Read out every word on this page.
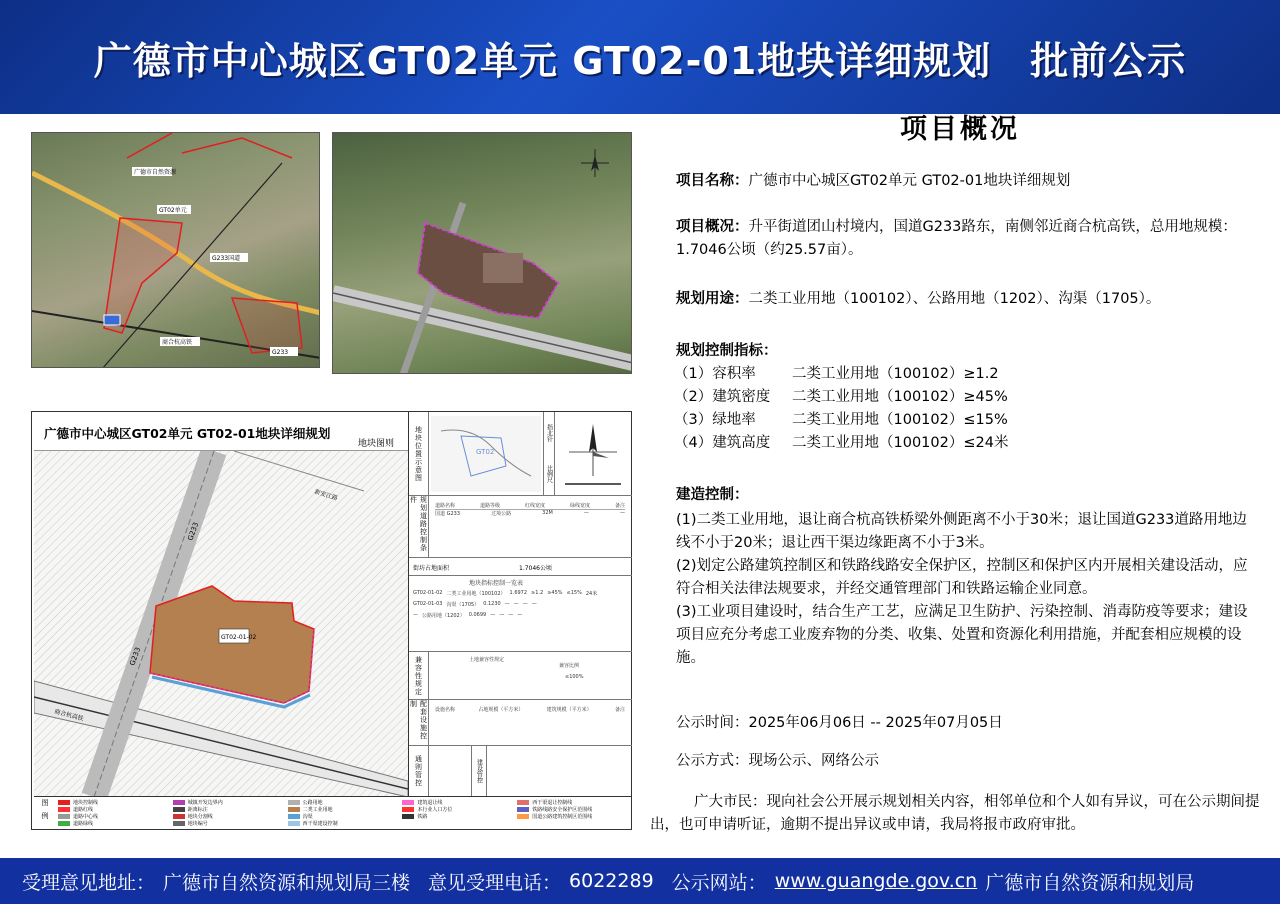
广德市中心城区GT02单元 GT02-01地块详细规划　批前公示
广德市自然资源
GT02单元
G233国道
商合杭高铁
G233
广德市中心城区GT02单元 GT02-01地块详细规划
地块图则
GT02-01-02
G233
G233
新安江路
商合杭高铁
地块位置示意图	GT02
指北针
比例尺
规划道路控制条件
道路名称	道路等级	红线宽度	绿线宽度	备注
国道 G233	过境公路	32M	—	—
街坊占地面积	1.7046公顷
地块指标控制一览表
GT02-01-02 二类工业用地（100102） 1.6972 ≥1.2 ≥45% ≤15% 24米
GT02-01-03 沟渠（1705） 0.1230 — — — —
— 公路用地（1202） 0.0699 — — — —
兼容性规定	土地兼容性规定
兼容比例
≤100%
配套设施控制
设施名称	占地规模（平方米）	建筑规模（平方米）	备注
通则管控	建设管控
图例	地块控制线	城镇开发边界内	公路用地	建筑退让线	西干渠退让控制线
道路红线	距离标注	二类工业用地	本行业人口方位	铁路线路安全保护区范围线
道路中心线	地块分割线	沟渠	铁路	国道公路建筑控制区范围线
道路绿线	地块编号	西干渠建设控制
项目概况
项目名称：广德市中心城区GT02单元 GT02-01地块详细规划
项目概况：升平街道团山村境内，国道G233路东，南侧邻近商合杭高铁，总用地规模：1.7046公顷（约25.57亩）。
规划用途：二类工业用地（100102）、公路用地（1202）、沟渠（1705）。
规划控制指标：
（1）容积率	二类工业用地（100102）≥1.2
（2）建筑密度 二类工业用地（100102）≥45%
（3）绿地率	二类工业用地（100102）≤15%
（4）建筑高度 二类工业用地（100102）≤24米
建造控制：
(1)二类工业用地，退让商合杭高铁桥梁外侧距离不小于30米；退让国道G233道路用地边线不小于20米；退让西干渠边缘距离不小于3米。
(2)划定公路建筑控制区和铁路线路安全保护区，控制区和保护区内开展相关建设活动，应符合相关法律法规要求，并经交通管理部门和铁路运输企业同意。
(3)工业项目建设时，结合生产工艺，应满足卫生防护、污染控制、消毒防疫等要求；建设项目应充分考虑工业废弃物的分类、收集、处置和资源化利用措施，并配套相应规模的设施。
公示时间：2025年06月06日 -- 2025年07月05日
公示方式：现场公示、网络公示
广大市民：现向社会公开展示规划相关内容，相邻单位和个人如有异议，可在公示期间提出，也可申请听证，逾期不提出异议或申请，我局将报市政府审批。
受理意见地址： 广德市自然资源和规划局三楼 意见受理电话： 6022289 公示网站： www.guangde.gov.cn 广德市自然资源和规划局
